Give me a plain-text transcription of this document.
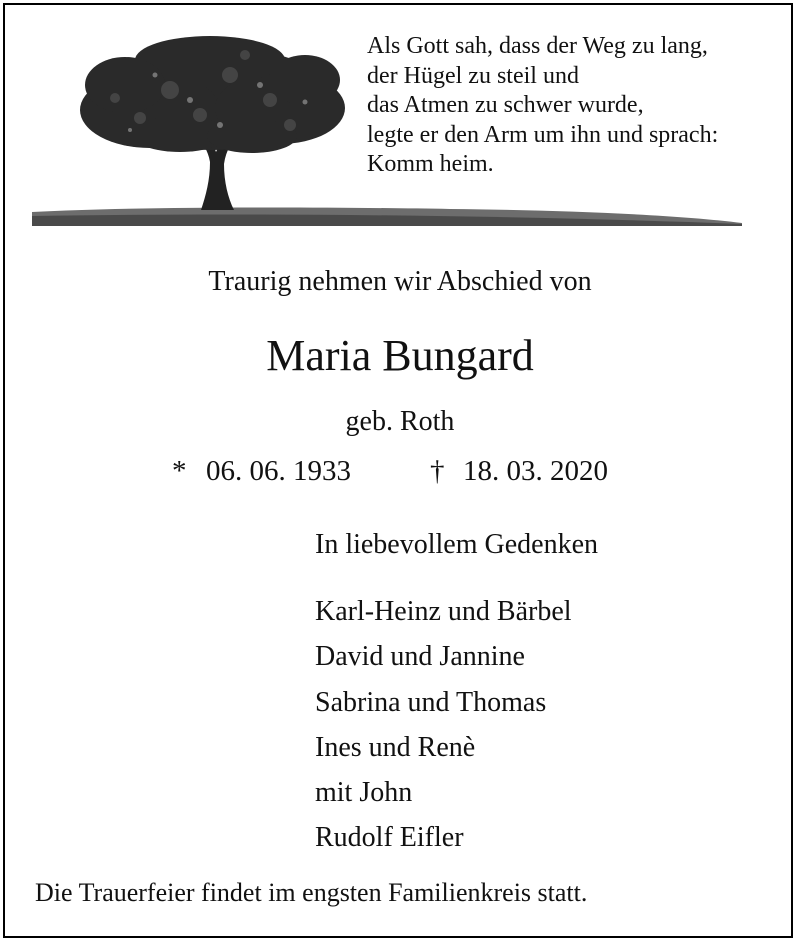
Als Gott sah, dass der Weg zu lang,
der Hügel zu steil und
das Atmen zu schwer wurde,
legte er den Arm um ihn und sprach:
Komm heim.
Traurig nehmen wir Abschied von
Maria Bungard
geb. Roth
* 06. 06. 1933	† 18. 03. 2020
In liebevollem Gedenken
Karl-Heinz und Bärbel
David und Jannine
Sabrina und Thomas
Ines und Renè
mit John
Rudolf Eifler
Die Trauerfeier findet im engsten Familienkreis statt.
